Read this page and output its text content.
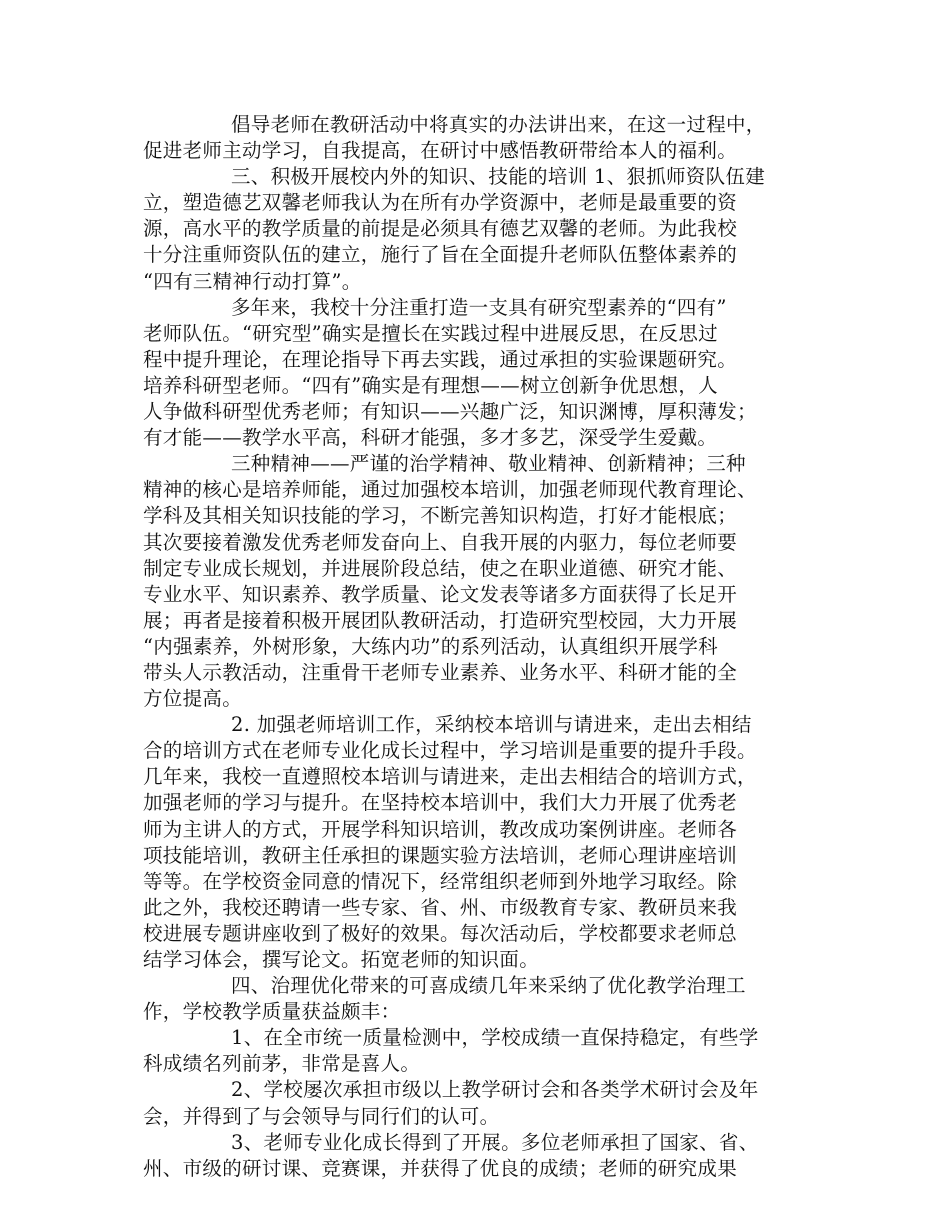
倡导老师在教研活动中将真实的办法讲出来，在这一过程中，
促进老师主动学习，自我提高，在研讨中感悟教研带给本人的福利。
三、积极开展校内外的知识、技能的培训 1、狠抓师资队伍建
立，塑造德艺双馨老师我认为在所有办学资源中，老师是最重要的资
源，高水平的教学质量的前提是必须具有德艺双馨的老师。为此我校
十分注重师资队伍的建立，施行了旨在全面提升老师队伍整体素养的
“四有三精神行动打算”。
多年来，我校十分注重打造一支具有研究型素养的“四有”
老师队伍。“研究型”确实是擅长在实践过程中进展反思，在反思过
程中提升理论，在理论指导下再去实践，通过承担的实验课题研究。
培养科研型老师。“四有”确实是有理想——树立创新争优思想，人
人争做科研型优秀老师；有知识——兴趣广泛，知识渊博，厚积薄发；
有才能——教学水平高，科研才能强，多才多艺，深受学生爱戴。
三种精神——严谨的治学精神、敬业精神、创新精神；三种
精神的核心是培养师能，通过加强校本培训，加强老师现代教育理论、
学科及其相关知识技能的学习，不断完善知识构造，打好才能根底；
其次要接着激发优秀老师发奋向上、自我开展的内驱力，每位老师要
制定专业成长规划，并进展阶段总结，使之在职业道德、研究才能、
专业水平、知识素养、教学质量、论文发表等诸多方面获得了长足开
展；再者是接着积极开展团队教研活动，打造研究型校园，大力开展
“内强素养，外树形象，大练内功”的系列活动，认真组织开展学科
带头人示教活动，注重骨干老师专业素养、业务水平、科研才能的全
方位提高。
2. 加强老师培训工作，采纳校本培训与请进来，走出去相结
合的培训方式在老师专业化成长过程中，学习培训是重要的提升手段。
几年来，我校一直遵照校本培训与请进来，走出去相结合的培训方式，
加强老师的学习与提升。在坚持校本培训中，我们大力开展了优秀老
师为主讲人的方式，开展学科知识培训，教改成功案例讲座。老师各
项技能培训，教研主任承担的课题实验方法培训，老师心理讲座培训
等等。在学校资金同意的情况下，经常组织老师到外地学习取经。除
此之外，我校还聘请一些专家、省、州、市级教育专家、教研员来我
校进展专题讲座收到了极好的效果。每次活动后，学校都要求老师总
结学习体会，撰写论文。拓宽老师的知识面。
四、治理优化带来的可喜成绩几年来采纳了优化教学治理工
作，学校教学质量获益颇丰：
1、在全市统一质量检测中，学校成绩一直保持稳定，有些学
科成绩名列前茅，非常是喜人。
2、学校屡次承担市级以上教学研讨会和各类学术研讨会及年
会，并得到了与会领导与同行们的认可。
3、老师专业化成长得到了开展。多位老师承担了国家、省、
州、市级的研讨课、竞赛课，并获得了优良的成绩；老师的研究成果
